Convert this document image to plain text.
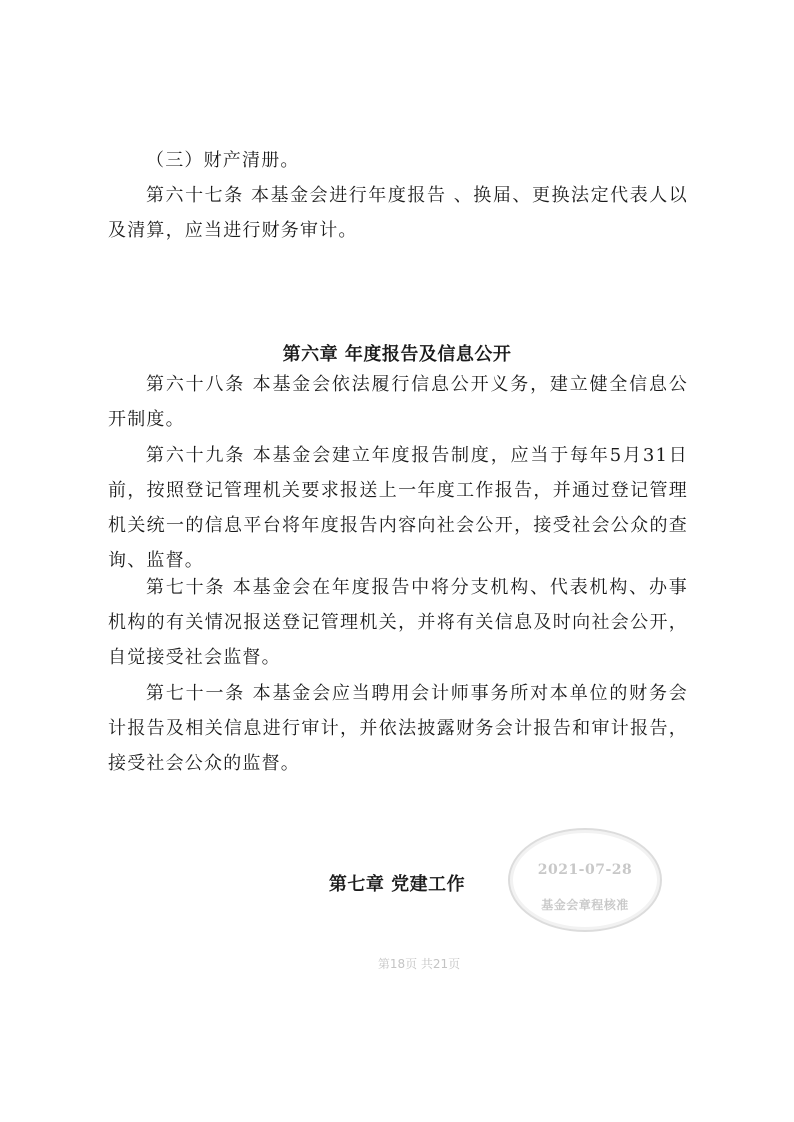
（三）财产清册。

第六十七条 本基金会进行年度报告 、换届、更换法定代表人以及清算，应当进行财务审计。

第六章 年度报告及信息公开

第六十八条 本基金会依法履行信息公开义务，建立健全信息公开制度。

第六十九条 本基金会建立年度报告制度，应当于每年5月31日前，按照登记管理机关要求报送上一年度工作报告，并通过登记管理机关统一的信息平台将年度报告内容向社会公开，接受社会公众的查询、监督。

第七十条 本基金会在年度报告中将分支机构、代表机构、办事机构的有关情况报送登记管理机关，并将有关信息及时向社会公开，自觉接受社会监督。

第七十一条 本基金会应当聘用会计师事务所对本单位的财务会计报告及相关信息进行审计，并依法披露财务会计报告和审计报告，接受社会公众的监督。

第七章 党建工作
2021-07-28
基金会章程核准
第18页 共21页
